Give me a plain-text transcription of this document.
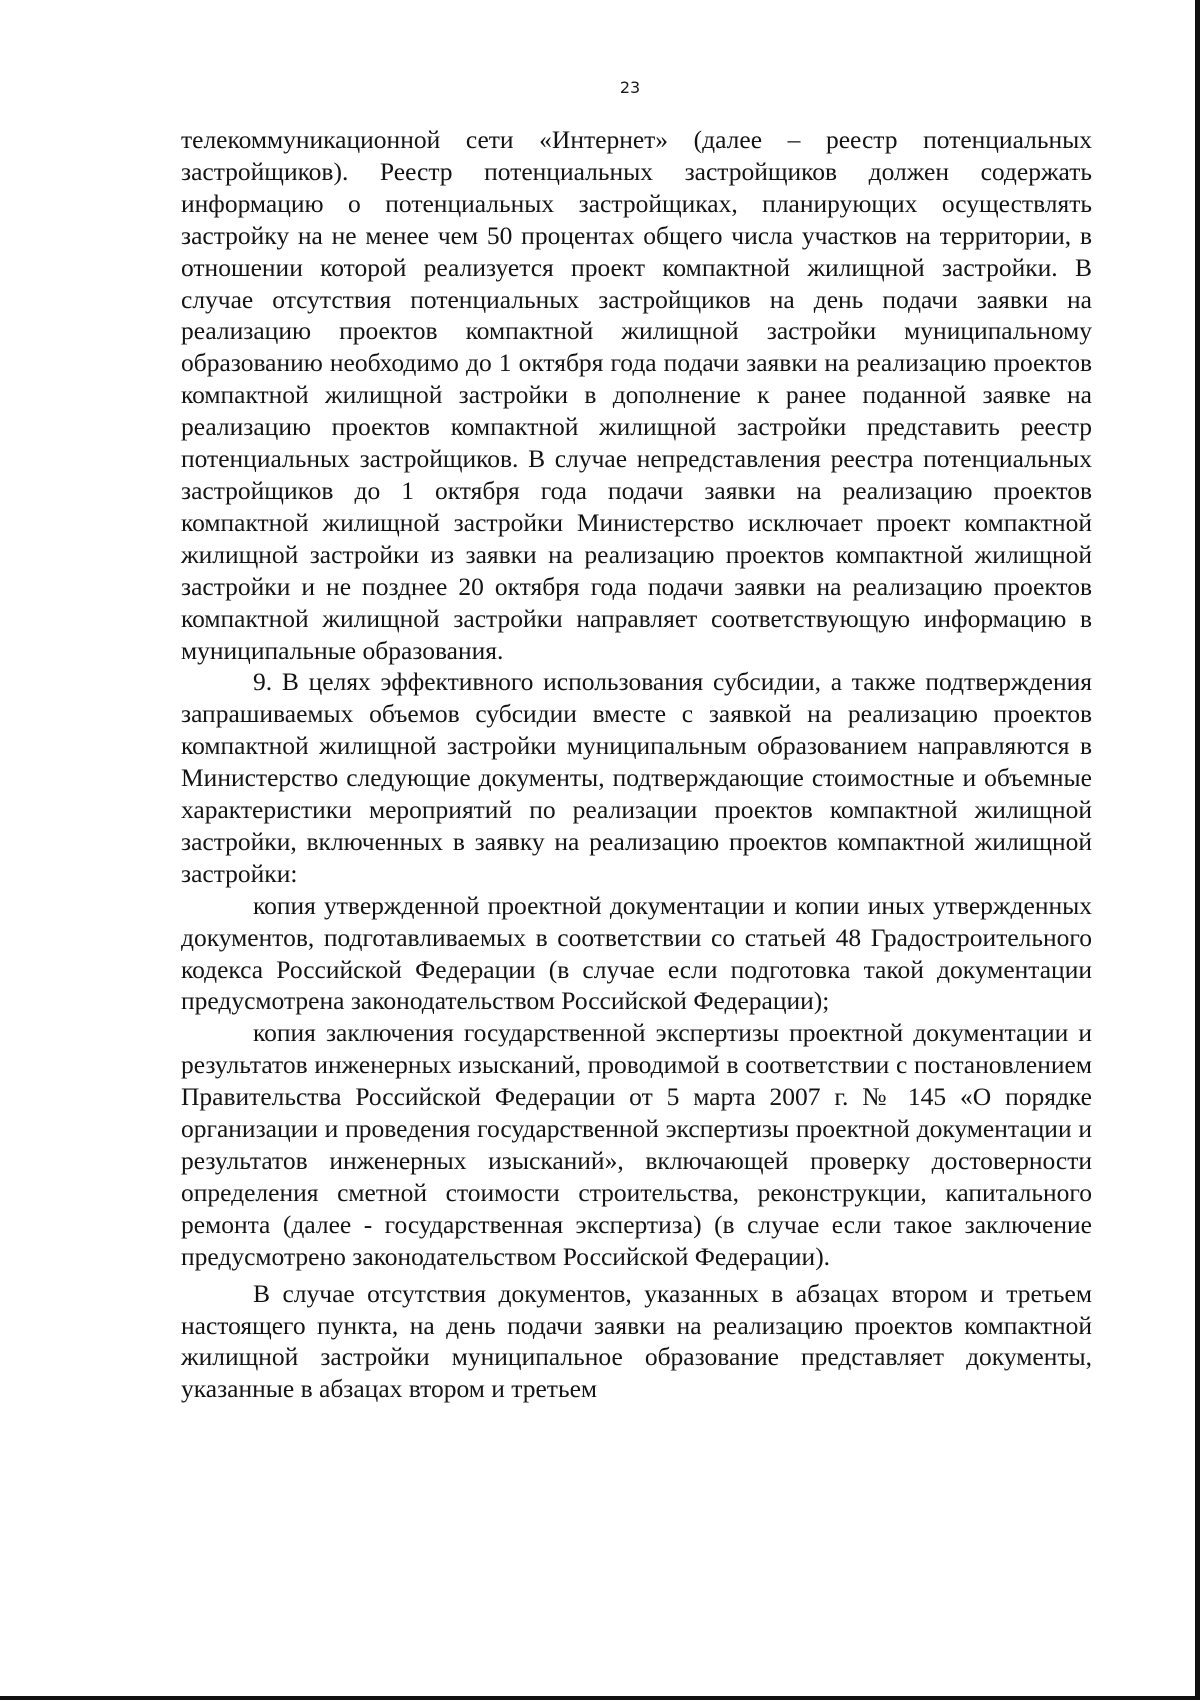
23

телекоммуникационной сети «Интернет» (далее – реестр потенциальных застройщиков). Реестр потенциальных застройщиков должен содержать информацию о потенциальных застройщиках, планирующих осуществлять застройку на не менее чем 50 процентах общего числа участков на территории, в отношении которой реализуется проект компактной жилищной застройки. В случае отсутствия потенциальных застройщиков на день подачи заявки на реализацию проектов компактной жилищной застройки муниципальному образованию необходимо до 1 октября года подачи заявки на реализацию проектов компактной жилищной застройки в дополнение к ранее поданной заявке на реализацию проектов компактной жилищной застройки представить реестр потенциальных застройщиков. В случае непредставления реестра потенциальных застройщиков до 1 октября года подачи заявки на реализацию проектов компактной жилищной застройки Министерство исключает проект компактной жилищной застройки из заявки на реализацию проектов компактной жилищной застройки и не позднее 20 октября года подачи заявки на реализацию проектов компактной жилищной застройки направляет соответствующую информацию в муниципальные образования.

9. В целях эффективного использования субсидии, а также подтверждения запрашиваемых объемов субсидии вместе с заявкой на реализацию проектов компактной жилищной застройки муниципальным образованием направляются в Министерство следующие документы, подтверждающие стоимостные и объемные характеристики мероприятий по реализации проектов компактной жилищной застройки, включенных в заявку на реализацию проектов компактной жилищной застройки:

копия утвержденной проектной документации и копии иных утвержденных документов, подготавливаемых в соответствии со статьей 48 Градостроительного кодекса Российской Федерации (в случае если подготовка такой документации предусмотрена законодательством Российской Федерации);

копия заключения государственной экспертизы проектной документации и результатов инженерных изысканий, проводимой в соответствии с постановлением Правительства Российской Федерации от 5 марта 2007 г. № 145 «О порядке организации и проведения государственной экспертизы проектной документации и результатов инженерных изысканий», включающей проверку достоверности определения сметной стоимости строительства, реконструкции, капитального ремонта (далее - государственная экспертиза) (в случае если такое заключение предусмотрено законодательством Российской Федерации).

В случае отсутствия документов, указанных в абзацах втором и третьем настоящего пункта, на день подачи заявки на реализацию проектов компактной жилищной застройки муниципальное образование представляет документы, указанные в абзацах втором и третьем
